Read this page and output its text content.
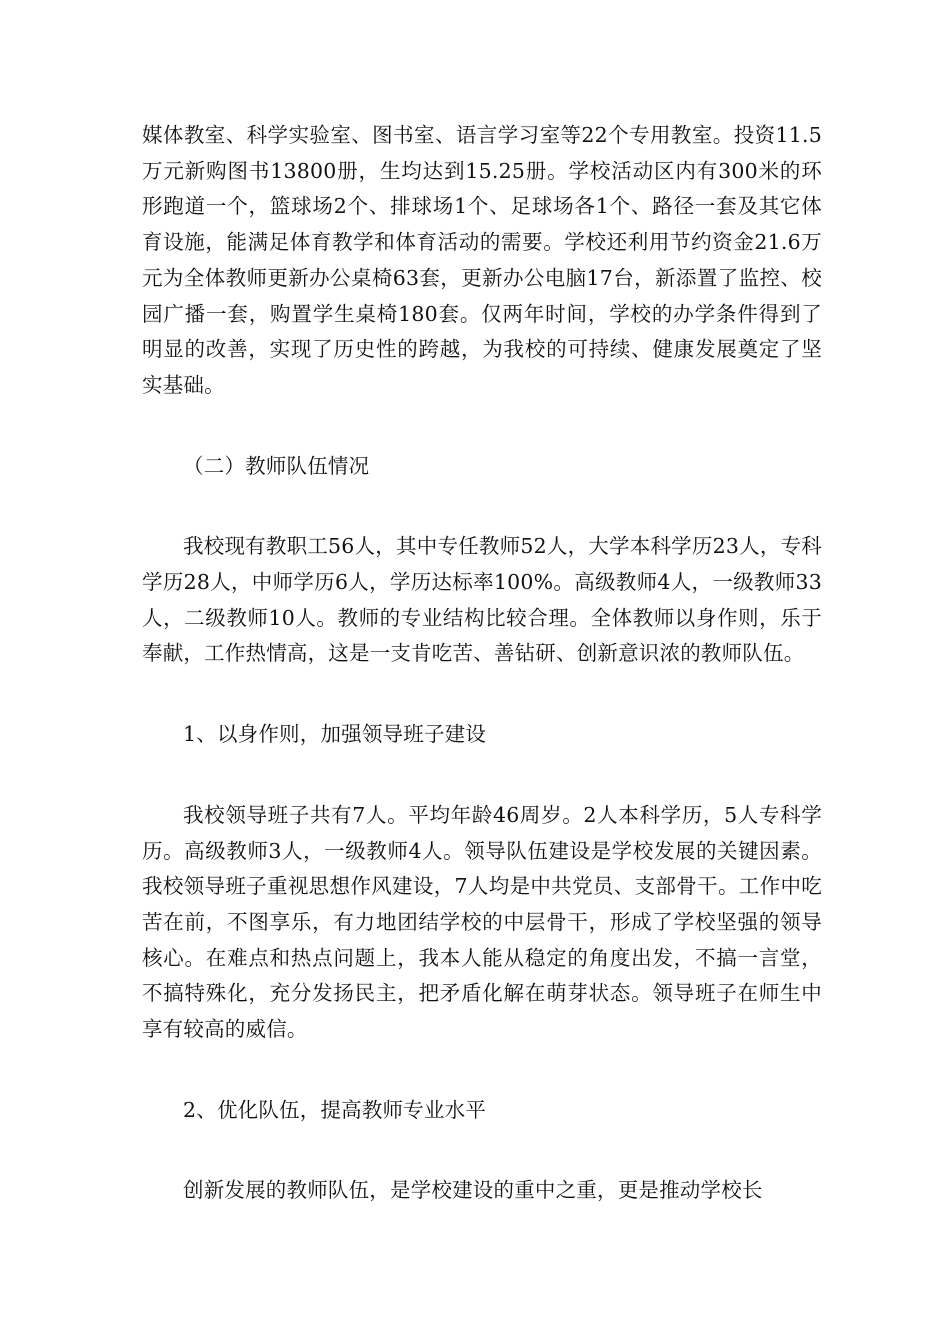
媒体教室、科学实验室、图书室、语言学习室等22个专用教室。投资11.5万元新购图书13800册，生均达到15.25册。学校活动区内有300米的环形跑道一个，篮球场2个、排球场1个、足球场各1个、路径一套及其它体育设施，能满足体育教学和体育活动的需要。学校还利用节约资金21.6万元为全体教师更新办公桌椅63套，更新办公电脑17台，新添置了监控、校园广播一套，购置学生桌椅180套。仅两年时间，学校的办学条件得到了明显的改善，实现了历史性的跨越，为我校的可持续、健康发展奠定了坚实基础。

（二）教师队伍情况

我校现有教职工56人，其中专任教师52人，大学本科学历23人，专科学历28人，中师学历6人，学历达标率100%。高级教师4人，一级教师33人，二级教师10人。教师的专业结构比较合理。全体教师以身作则，乐于奉献，工作热情高，这是一支肯吃苦、善钻研、创新意识浓的教师队伍。

1、以身作则，加强领导班子建设

我校领导班子共有7人。平均年龄46周岁。2人本科学历，5人专科学历。高级教师3人，一级教师4人。领导队伍建设是学校发展的关键因素。我校领导班子重视思想作风建设，7人均是中共党员、支部骨干。工作中吃苦在前，不图享乐，有力地团结学校的中层骨干，形成了学校坚强的领导核心。在难点和热点问题上，我本人能从稳定的角度出发，不搞一言堂，不搞特殊化，充分发扬民主，把矛盾化解在萌芽状态。领导班子在师生中享有较高的威信。

2、优化队伍，提高教师专业水平

创新发展的教师队伍，是学校建设的重中之重，更是推动学校长
